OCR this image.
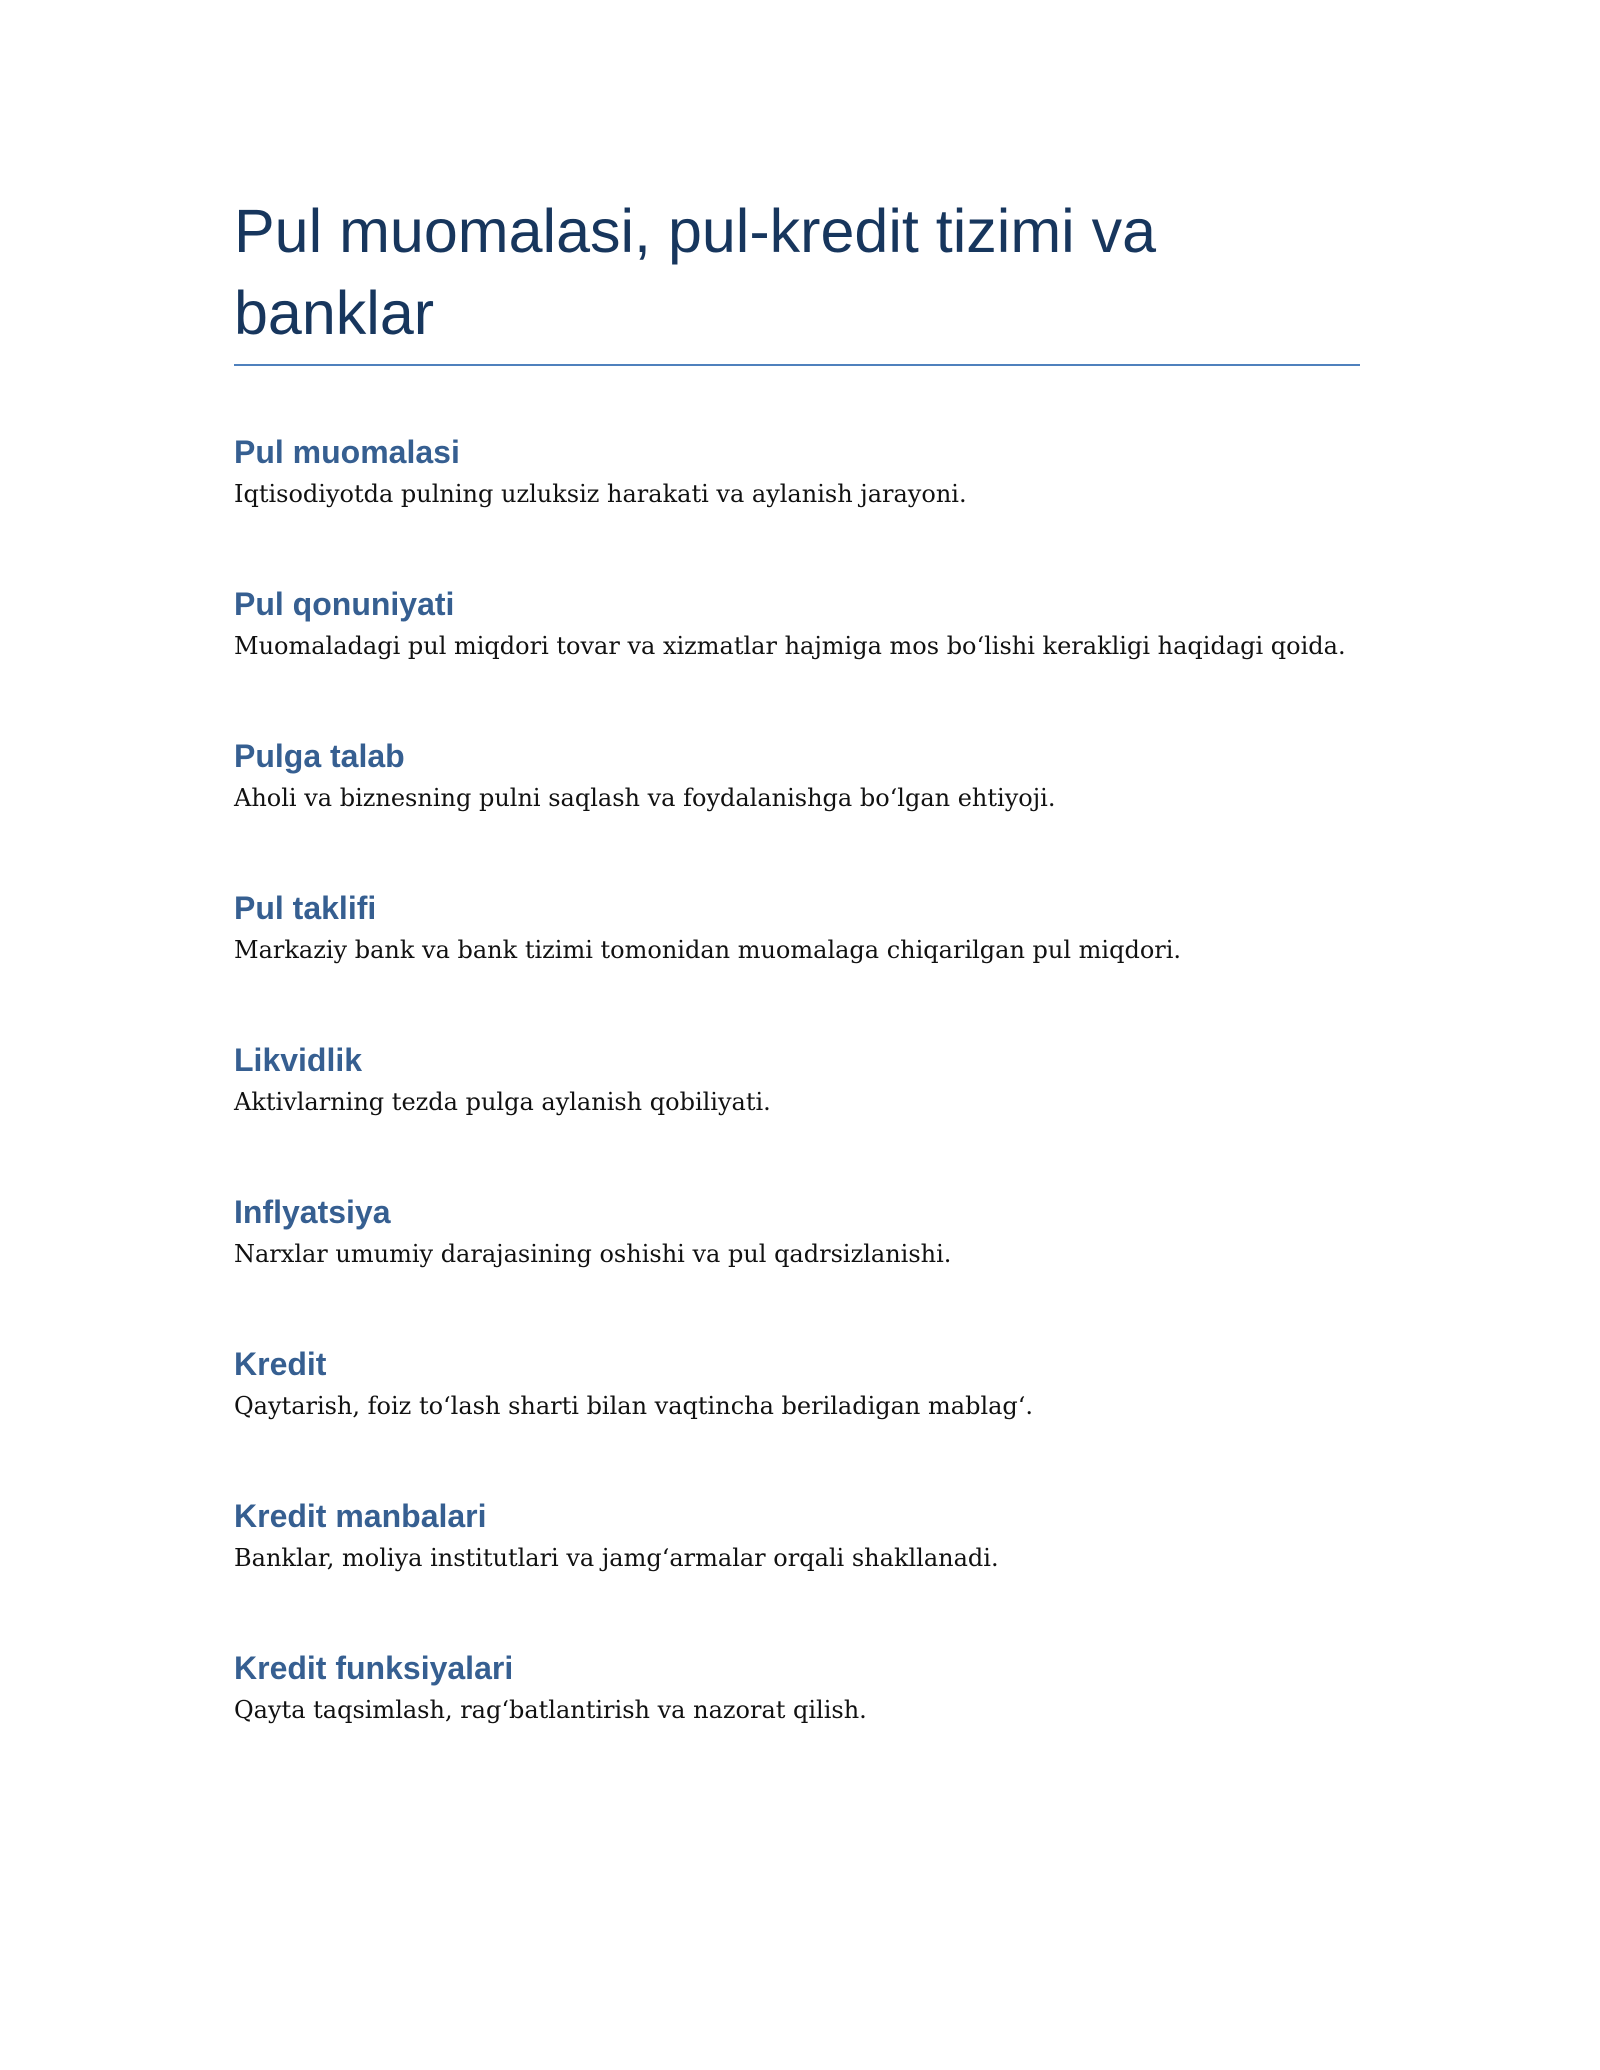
Pul muomalasi, pul-kredit tizimi va banklar
Pul muomalasi

Iqtisodiyotda pulning uzluksiz harakati va aylanish jarayoni.

Pul qonuniyati

Muomaladagi pul miqdori tovar va xizmatlar hajmiga mos bo‘lishi kerakligi haqidagi qoida.

Pulga talab

Aholi va biznesning pulni saqlash va foydalanishga bo‘lgan ehtiyoji.

Pul taklifi

Markaziy bank va bank tizimi tomonidan muomalaga chiqarilgan pul miqdori.

Likvidlik

Aktivlarning tezda pulga aylanish qobiliyati.

Inflyatsiya

Narxlar umumiy darajasining oshishi va pul qadrsizlanishi.

Kredit

Qaytarish, foiz to‘lash sharti bilan vaqtincha beriladigan mablag‘.

Kredit manbalari

Banklar, moliya institutlari va jamg‘armalar orqali shakllanadi.

Kredit funksiyalari

Qayta taqsimlash, rag‘batlantirish va nazorat qilish.
